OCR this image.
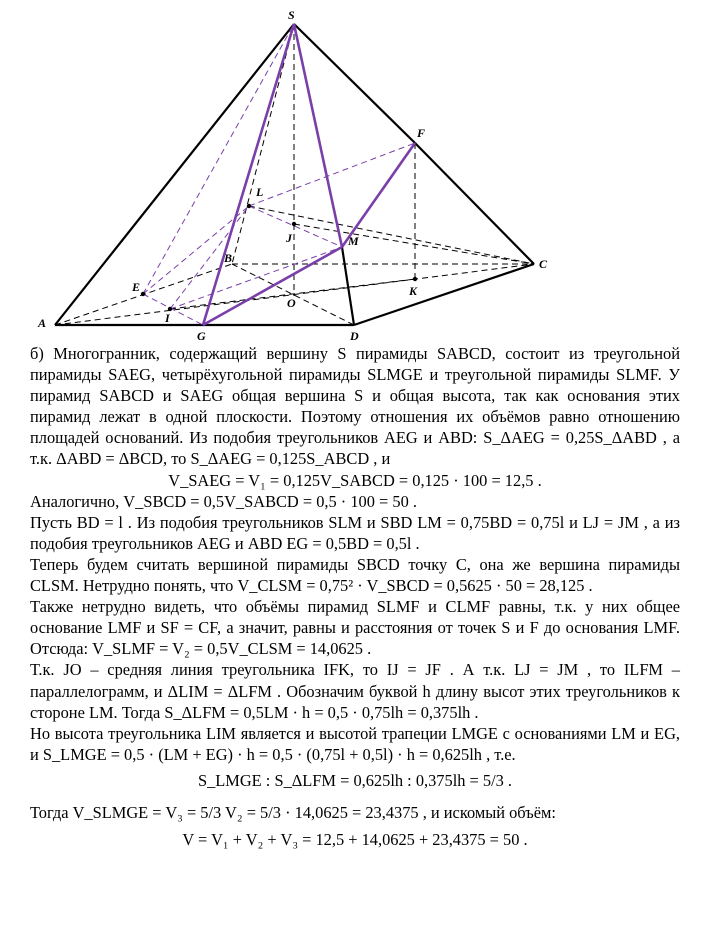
S
F
L
J	M
B	C
E
O
K
A	I
G	D

б) Многогранник, содержащий вершину S пирамиды SABCD, состоит из треугольной пирамиды SAEG, четырёхугольной пирамиды SLMGE и треугольной пирамиды SLMF. У пирамид SABCD и SAEG общая вершина S и общая высота, так как основания этих пирамид лежат в одной плоскости. Поэтому отношения их объёмов равно отношению площадей оснований. Из подобия треугольников AEG и ABD: S_ΔAEG = 0,25S_ΔABD , а т.к. ΔABD = ΔBCD, то S_ΔAEG = 0,125S_ABCD , и

V_SAEG = V₁ = 0,125V_SABCD = 0,125 · 100 = 12,5 .

Аналогично, V_SBCD = 0,5V_SABCD = 0,5 · 100 = 50 .

Пусть BD = l . Из подобия треугольников SLM и SBD LM = 0,75BD = 0,75l и LJ = JM , а из подобия треугольников AEG и ABD EG = 0,5BD = 0,5l .

Теперь будем считать вершиной пирамиды SBCD точку C, она же вершина пирамиды CLSM. Нетрудно понять, что V_CLSM = 0,75² · V_SBCD = 0,5625 · 50 = 28,125 .

Также нетрудно видеть, что объёмы пирамид SLMF и CLMF равны, т.к. у них общее основание LMF и SF = CF, а значит, равны и расстояния от точек S и F до основания LMF. Отсюда: V_SLMF = V₂ = 0,5V_CLSM = 14,0625 .

Т.к. JO – средняя линия треугольника IFK, то IJ = JF . А т.к. LJ = JM , то ILFM – параллелограмм, и ΔLIM = ΔLFM . Обозначим буквой h длину высот этих треугольников к стороне LM. Тогда S_ΔLFM = 0,5LM · h = 0,5 · 0,75lh = 0,375lh .

Но высота треугольника LIM является и высотой трапеции LMGE с основаниями LM и EG, и S_LMGE = 0,5 · (LM + EG) · h = 0,5 · (0,75l + 0,5l) · h = 0,625lh , т.е.

S_LMGE : S_ΔLFM = 0,625lh : 0,375lh = 5/3 .

Тогда V_SLMGE = V₃ = 5/3 V₂ = 5/3 · 14,0625 = 23,4375 , и искомый объём:

V = V₁ + V₂ + V₃ = 12,5 + 14,0625 + 23,4375 = 50 .
